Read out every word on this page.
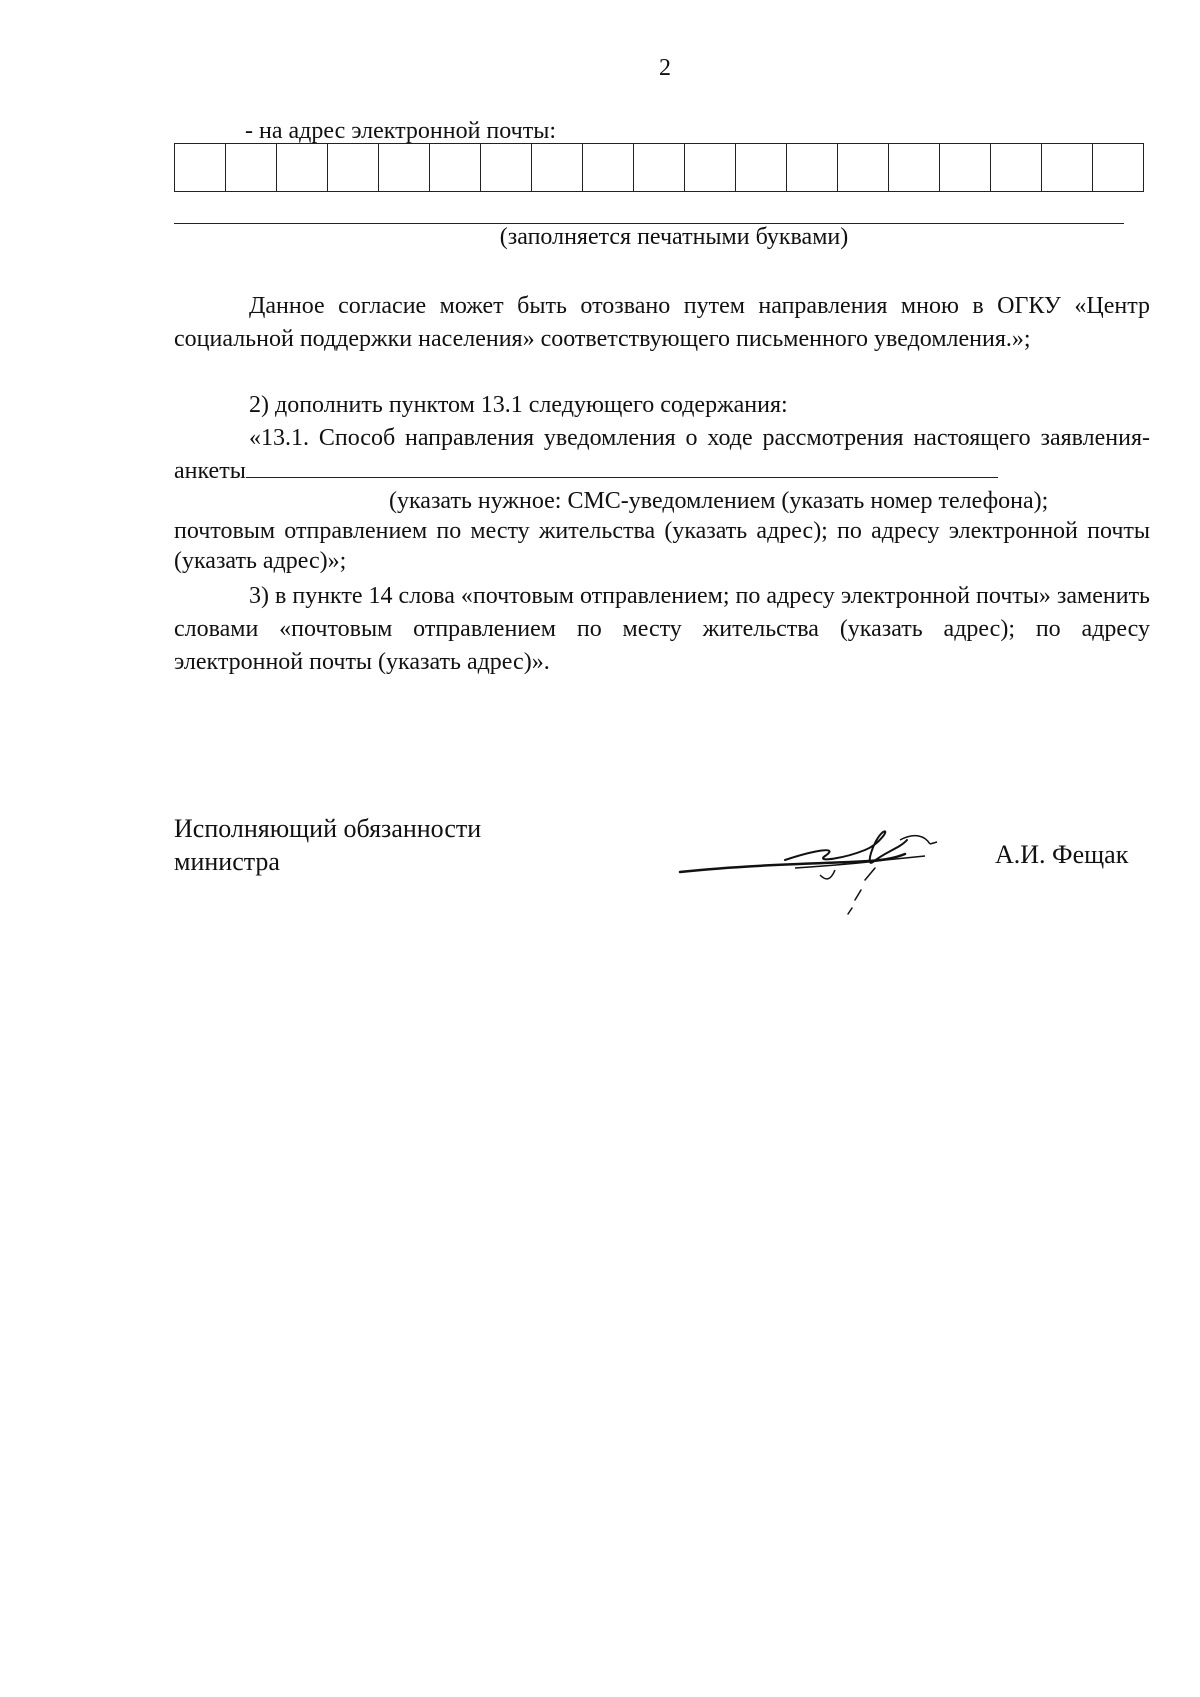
2
- на адрес электронной почты:
(заполняется печатными буквами)
Данное согласие может быть отозвано путем направления мною в ОГКУ «Центр социальной поддержки населения» соответствующего письменного уведомления.»;
2) дополнить пунктом 13.1 следующего содержания:
«13.1. Способ направления уведомления о ходе рассмотрения настоящего заявления-анкеты
(указать нужное: СМС-уведомлением (указать номер телефона);
почтовым отправлением по месту жительства (указать адрес); по адресу электронной почты (указать адрес)»;
3) в пункте 14 слова «почтовым отправлением; по адресу электронной почты» заменить словами «почтовым отправлением по месту жительства (указать адрес); по адресу электронной почты (указать адрес)».
Исполняющий обязанности
министра	А.И. Фещак
